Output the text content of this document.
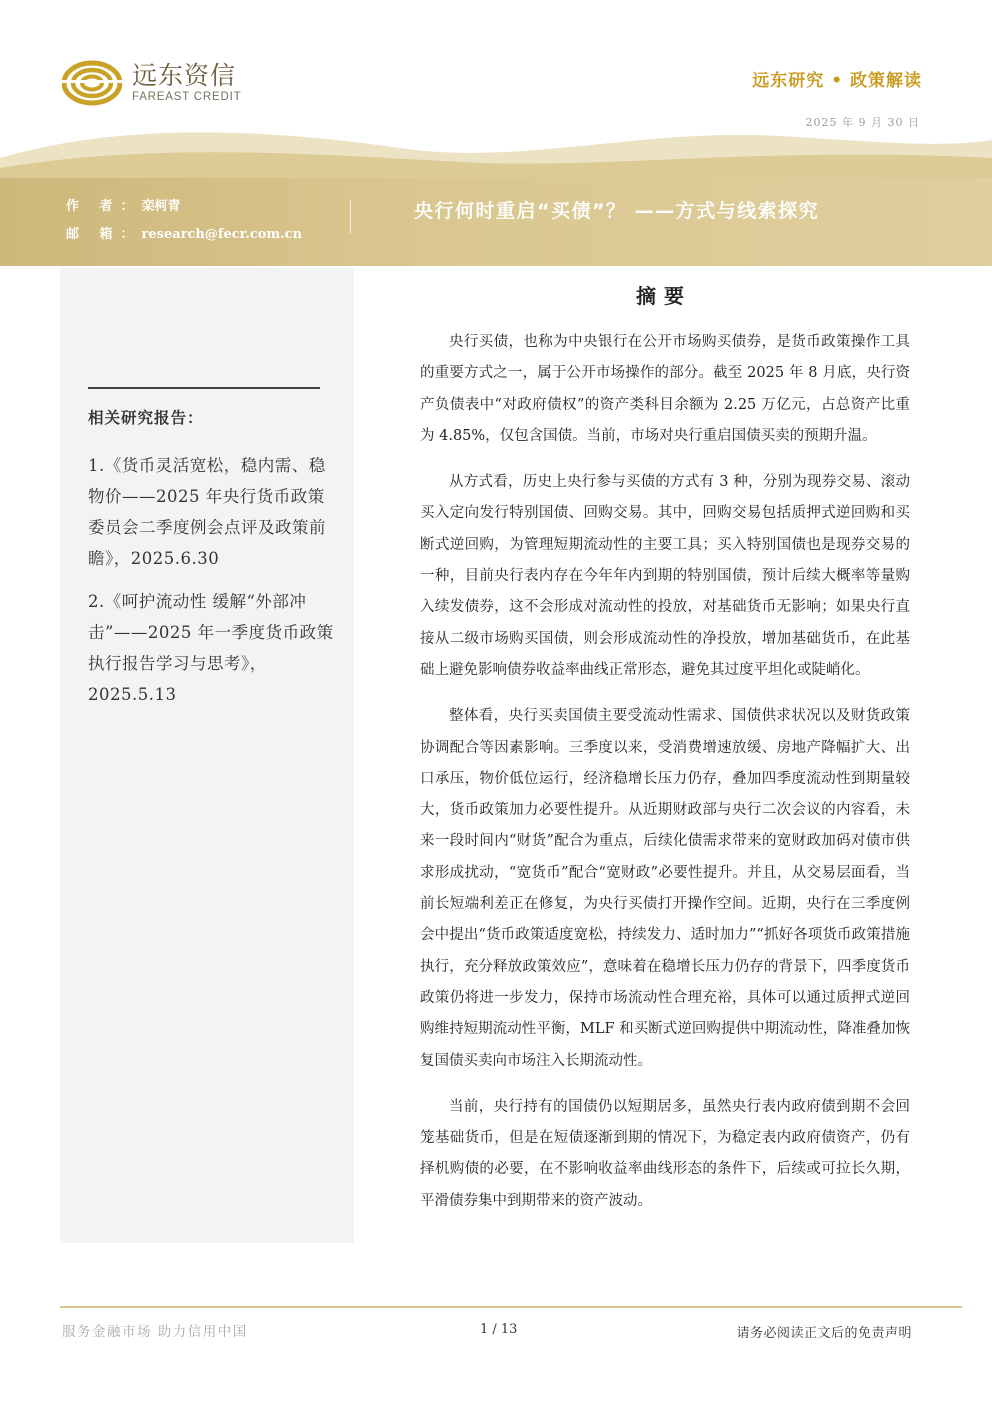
远东资信
FAREAST CREDIT
远东研究 • 政策解读
2025 年 9 月 30 日
作 者：栾柯青
邮 箱：research@fecr.com.cn
央行何时重启“买债”？ ——方式与线索探究
相关研究报告：
1.《货币灵活宽松，稳内需、稳物价——2025 年央行货币政策委员会二季度例会点评及政策前瞻》，2025.6.30
2.《呵护流动性 缓解“外部冲击”——2025 年一季度货币政策执行报告学习与思考》，2025.5.13
摘要

央行买债，也称为中央银行在公开市场购买债券，是货币政策操作工具的重要方式之一，属于公开市场操作的部分。截至 2025 年 8 月底，央行资产负债表中“对政府债权”的资产类科目余额为 2.25 万亿元，占总资产比重为 4.85%，仅包含国债。当前，市场对央行重启国债买卖的预期升温。

从方式看，历史上央行参与买债的方式有 3 种，分别为现券交易、滚动买入定向发行特别国债、回购交易。其中，回购交易包括质押式逆回购和买断式逆回购，为管理短期流动性的主要工具；买入特别国债也是现券交易的一种，目前央行表内存在今年年内到期的特别国债，预计后续大概率等量购入续发债券，这不会形成对流动性的投放，对基础货币无影响；如果央行直接从二级市场购买国债，则会形成流动性的净投放，增加基础货币，在此基础上避免影响债券收益率曲线正常形态，避免其过度平坦化或陡峭化。

整体看，央行买卖国债主要受流动性需求、国债供求状况以及财货政策协调配合等因素影响。三季度以来，受消费增速放缓、房地产降幅扩大、出口承压，物价低位运行，经济稳增长压力仍存，叠加四季度流动性到期量较大，货币政策加力必要性提升。从近期财政部与央行二次会议的内容看，未来一段时间内“财货”配合为重点，后续化债需求带来的宽财政加码对债市供求形成扰动，“宽货币”配合“宽财政”必要性提升。并且，从交易层面看，当前长短端利差正在修复，为央行买债打开操作空间。近期，央行在三季度例会中提出“货币政策适度宽松，持续发力、适时加力”“抓好各项货币政策措施执行，充分释放政策效应”，意味着在稳增长压力仍存的背景下，四季度货币政策仍将进一步发力，保持市场流动性合理充裕，具体可以通过质押式逆回购维持短期流动性平衡，MLF 和买断式逆回购提供中期流动性，降准叠加恢复国债买卖向市场注入长期流动性。

当前，央行持有的国债仍以短期居多，虽然央行表内政府债到期不会回笼基础货币，但是在短债逐渐到期的情况下，为稳定表内政府债资产，仍有择机购债的必要，在不影响收益率曲线形态的条件下，后续或可拉长久期，平滑债券集中到期带来的资产波动。

服务金融市场 助力信用中国	1 / 13	请务必阅读正文后的免责声明
